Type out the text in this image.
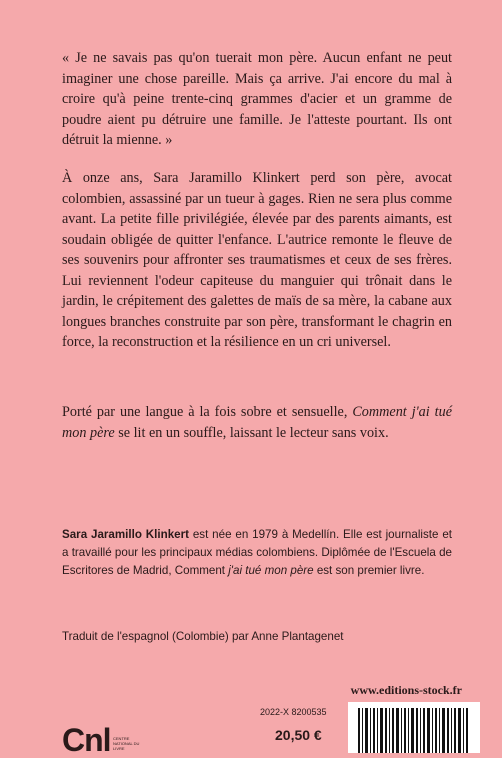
« Je ne savais pas qu'on tuerait mon père. Aucun enfant ne peut imaginer une chose pareille. Mais ça arrive. J'ai encore du mal à croire qu'à peine trente-cinq grammes d'acier et un gramme de poudre aient pu détruire une famille. Je l'atteste pourtant. Ils ont détruit la mienne. »
À onze ans, Sara Jaramillo Klinkert perd son père, avocat colombien, assassiné par un tueur à gages. Rien ne sera plus comme avant. La petite fille privilégiée, élevée par des parents aimants, est soudain obligée de quitter l'enfance. L'autrice remonte le fleuve de ses souvenirs pour affronter ses traumatismes et ceux de ses frères. Lui reviennent l'odeur capiteuse du manguier qui trônait dans le jardin, le crépitement des galettes de maïs de sa mère, la cabane aux longues branches construite par son père, transformant le chagrin en force, la reconstruction et la résilience en un cri universel.
Porté par une langue à la fois sobre et sensuelle, Comment j'ai tué mon père se lit en un souffle, laissant le lecteur sans voix.
Sara Jaramillo Klinkert est née en 1979 à Medellín. Elle est journaliste et a travaillé pour les principaux médias colombiens. Diplômée de l'Escuela de Escritores de Madrid, Comment j'ai tué mon père est son premier livre.
Traduit de l'espagnol (Colombie) par Anne Plantagenet
www.editions-stock.fr
Cnl CENTRE NATIONAL DU LIVRE
2022-X 8200535
20,50 €
